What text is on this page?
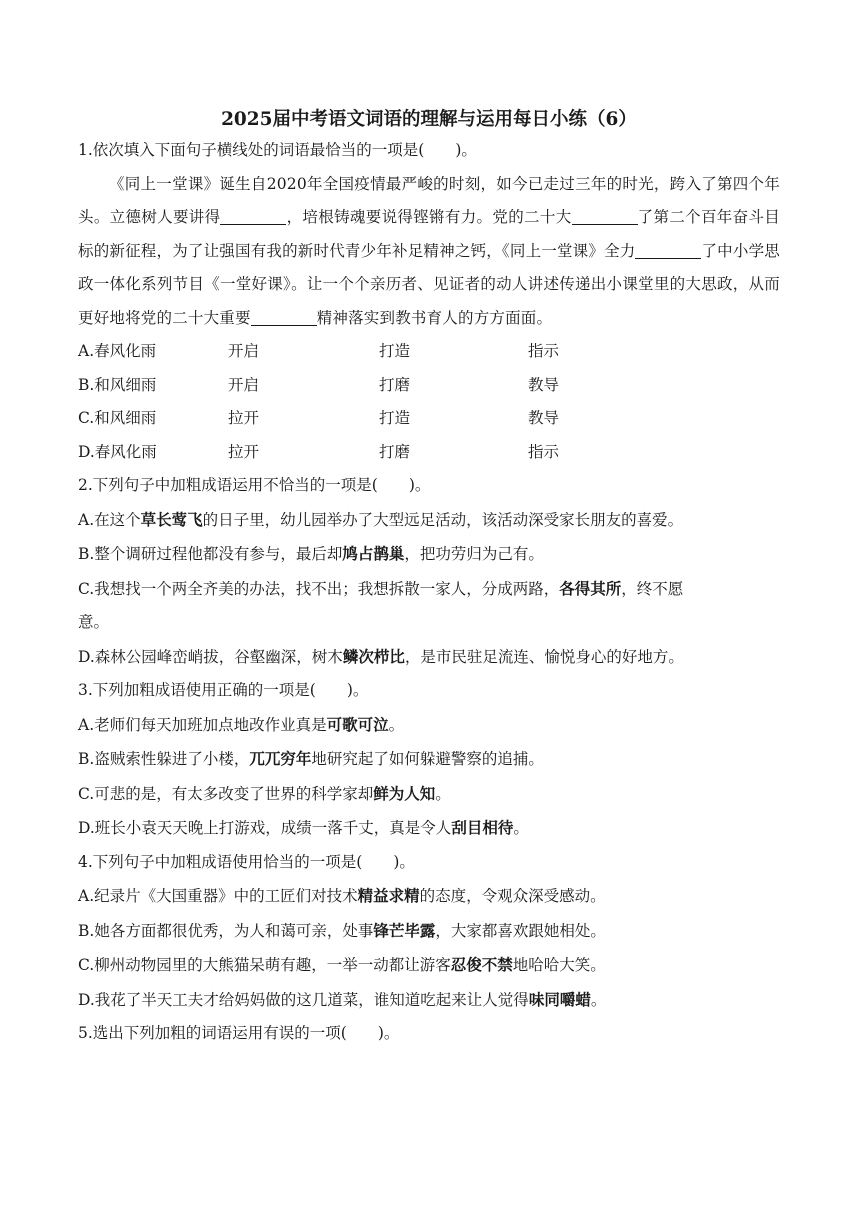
2025届中考语文词语的理解与运用每日小练（6）
1.依次填入下面句子横线处的词语最恰当的一项是(　　)。
《同上一堂课》诞生自2020年全国疫情最严峻的时刻，如今已走过三年的时光，跨入了第四个年头。立德树人要讲得	，培根铸魂要说得铿锵有力。党的二十大	了第二个百年奋斗目标的新征程，为了让强国有我的新时代青少年补足精神之钙，《同上一堂课》全力	了中小学思政一体化系列节目《一堂好课》。让一个个亲历者、见证者的动人讲述传递出小课堂里的大思政，从而更好地将党的二十大重要	精神落实到教书育人的方方面面。
A.春风化雨	开启	打造	指示
B.和风细雨	开启	打磨	教导
C.和风细雨	拉开	打造	教导
D.春风化雨	拉开	打磨	指示
2.下列句子中加粗成语运用不恰当的一项是(　　)。
A.在这个草长莺飞的日子里，幼儿园举办了大型远足活动，该活动深受家长朋友的喜爱。
B.整个调研过程他都没有参与，最后却鸠占鹊巢，把功劳归为己有。
C.我想找一个两全齐美的办法，找不出；我想拆散一家人，分成两路，各得其所，终不愿
意。
D.森林公园峰峦峭拔，谷壑幽深，树木鳞次栉比，是市民驻足流连、愉悦身心的好地方。
3.下列加粗成语使用正确的一项是(　　)。
A.老师们每天加班加点地改作业真是可歌可泣。
B.盗贼索性躲进了小楼，兀兀穷年地研究起了如何躲避警察的追捕。
C.可悲的是，有太多改变了世界的科学家却鲜为人知。
D.班长小袁天天晚上打游戏，成绩一落千丈，真是令人刮目相待。
4.下列句子中加粗成语使用恰当的一项是(　　)。
A.纪录片《大国重器》中的工匠们对技术精益求精的态度，令观众深受感动。
B.她各方面都很优秀，为人和蔼可亲，处事锋芒毕露，大家都喜欢跟她相处。
C.柳州动物园里的大熊猫呆萌有趣，一举一动都让游客忍俊不禁地哈哈大笑。
D.我花了半天工夫才给妈妈做的这几道菜，谁知道吃起来让人觉得味同嚼蜡。
5.选出下列加粗的词语运用有误的一项(　　)。
